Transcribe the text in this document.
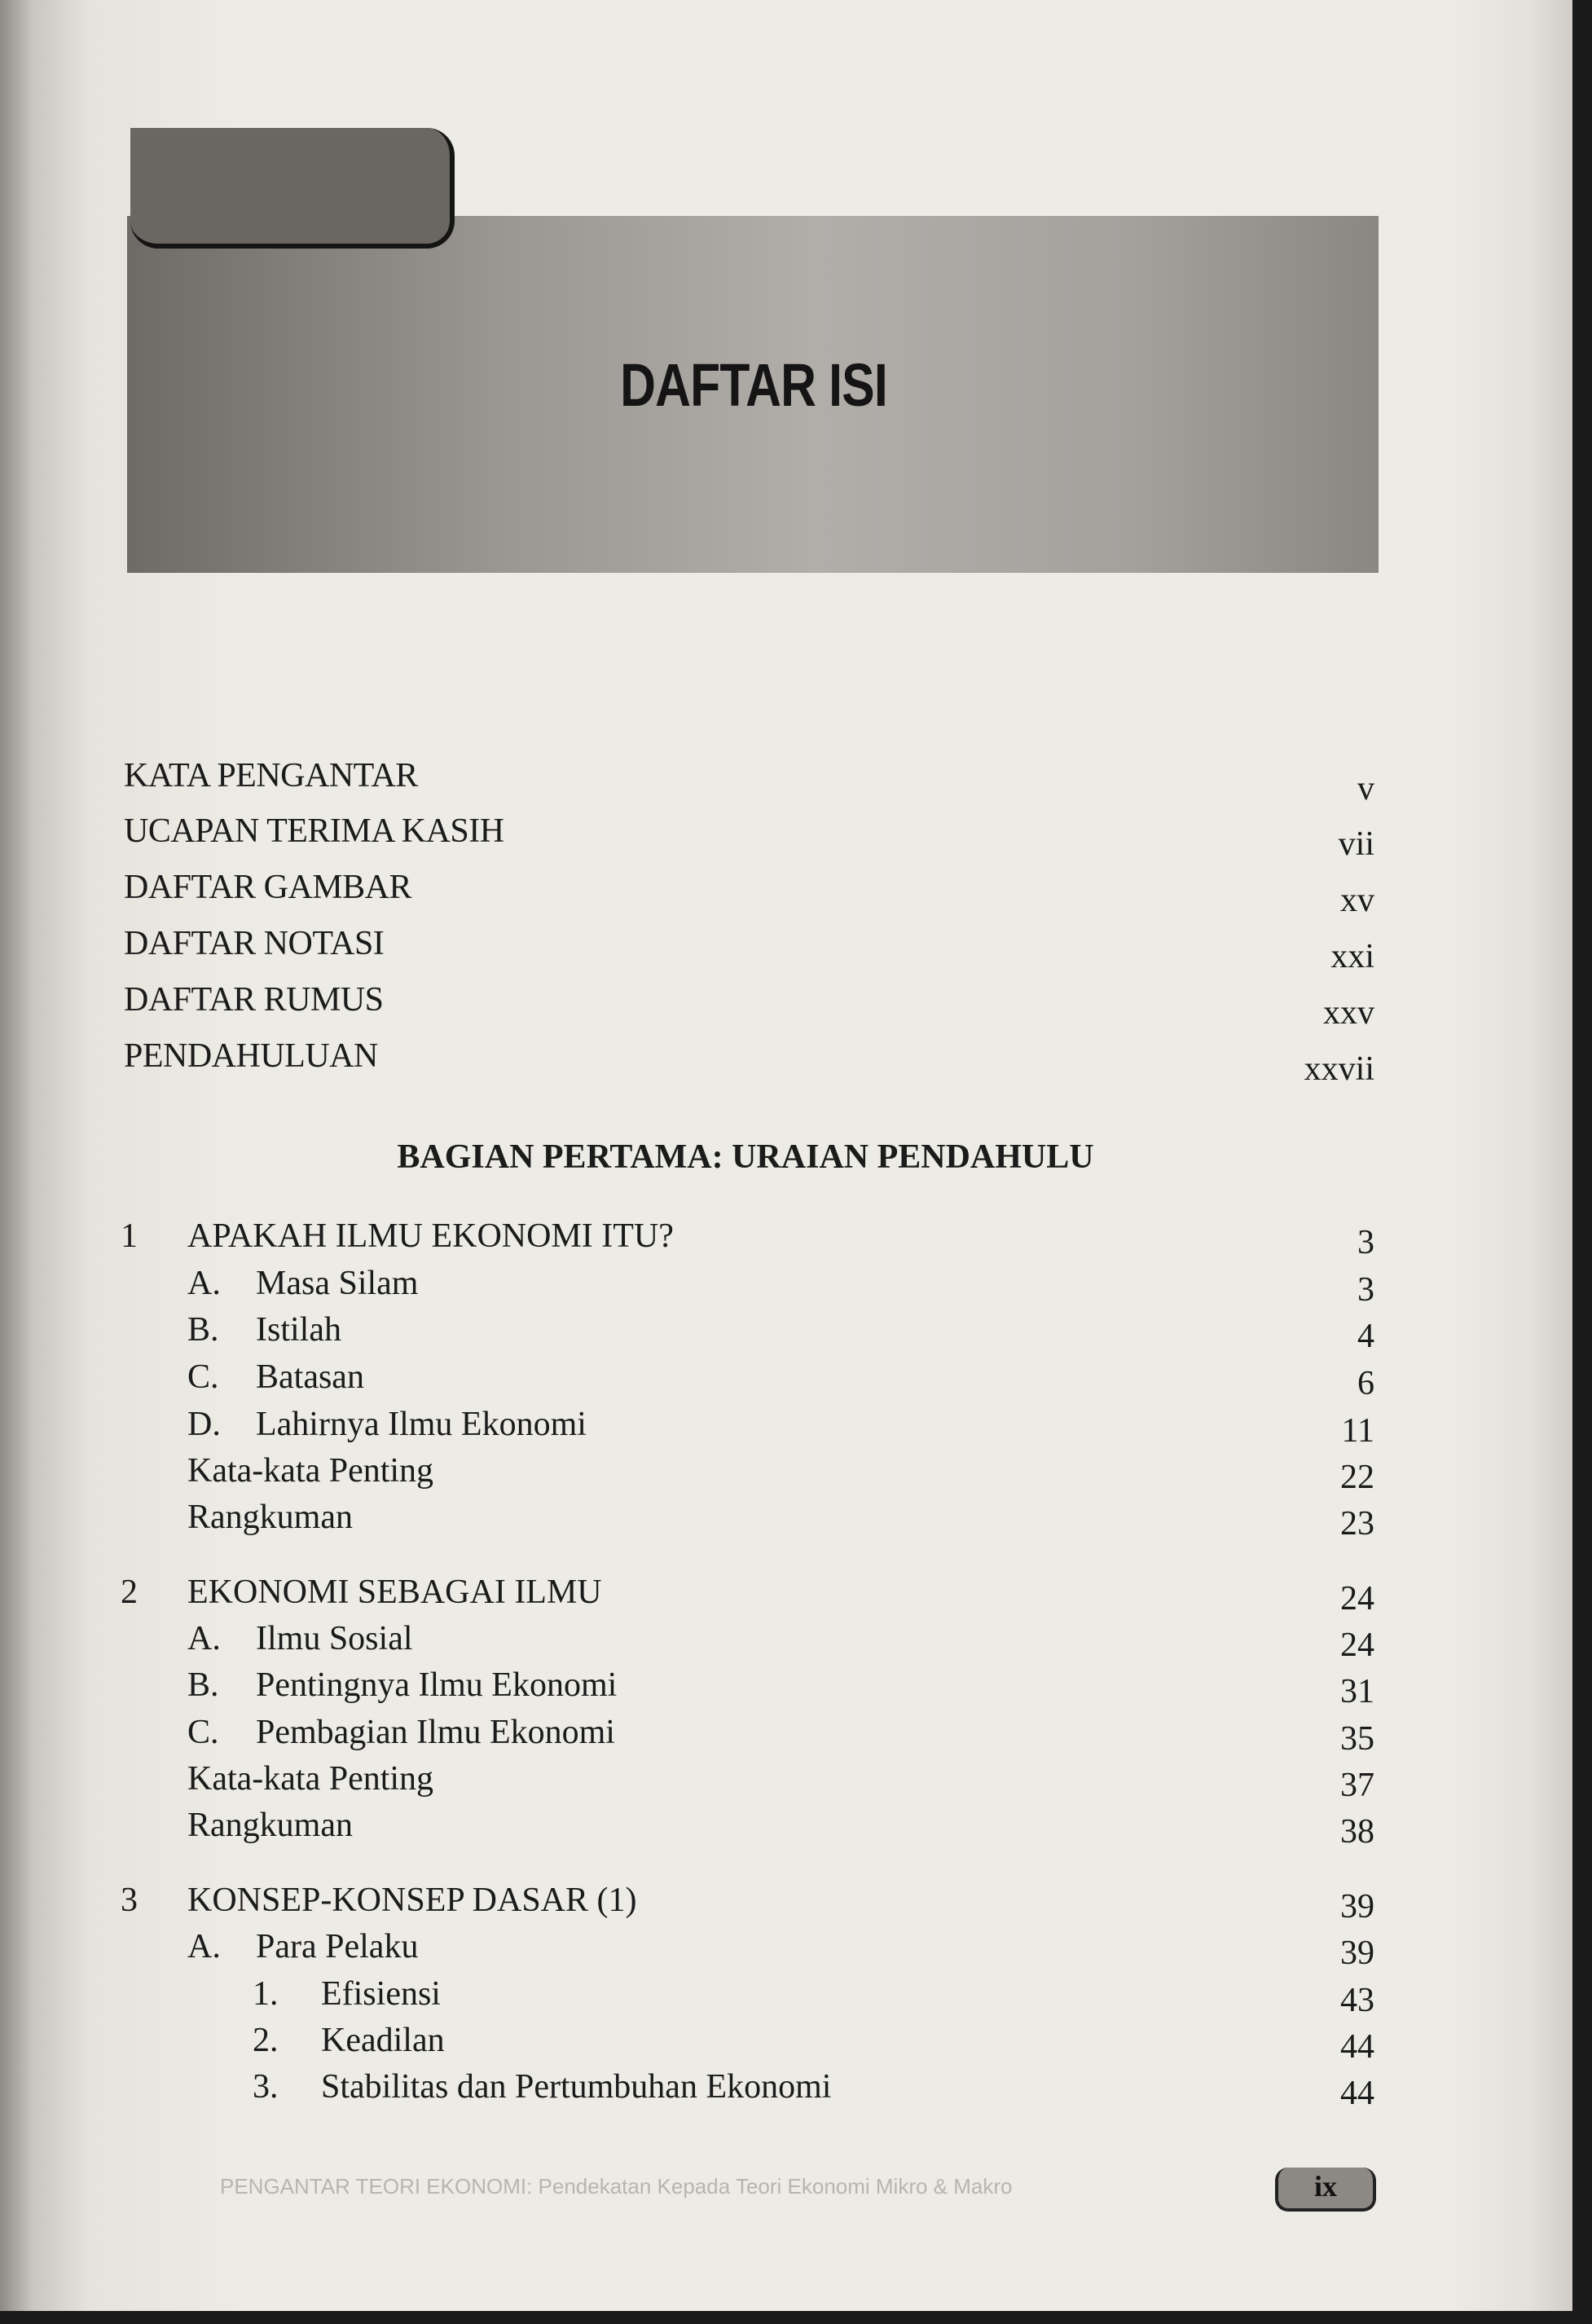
DAFTAR ISI
KATA PENGANTAR	v
UCAPAN TERIMA KASIH	vii
DAFTAR GAMBAR	xv
DAFTAR NOTASI	xxi
DAFTAR RUMUS	xxv
PENDAHULUAN	xxvii
BAGIAN PERTAMA: URAIAN PENDAHULU
1 APAKAH ILMU EKONOMI ITU?	3
A. Masa Silam	3
B. Istilah	4
C. Batasan	6
D. Lahirnya Ilmu Ekonomi	11
Kata-kata Penting	22
Rangkuman	23
2 EKONOMI SEBAGAI ILMU	24
A. Ilmu Sosial	24
B. Pentingnya Ilmu Ekonomi	31
C. Pembagian Ilmu Ekonomi	35
Kata-kata Penting	37
Rangkuman	38
3 KONSEP-KONSEP DASAR (1)	39
A. Para Pelaku	39
1. Efisiensi	43
2. Keadilan	44
3. Stabilitas dan Pertumbuhan Ekonomi	44
PENGANTAR TEORI EKONOMI: Pendekatan Kepada Teori Ekonomi Mikro & Makro	ix
